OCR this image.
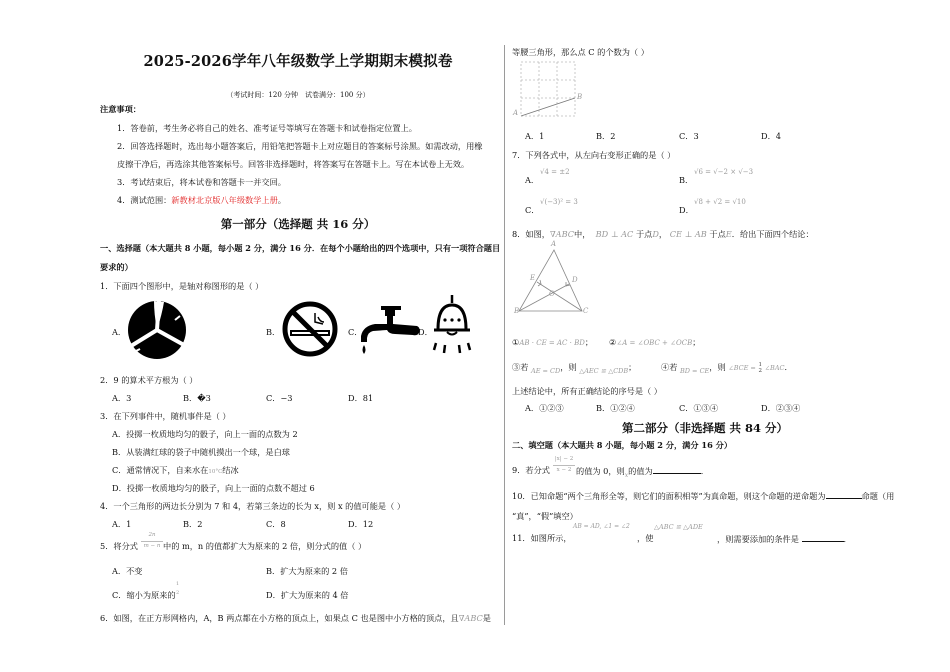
2025-2026学年八年级数学上学期期末模拟卷
（考试时间：120 分钟　试卷满分：100 分）
注意事项：
1．答卷前，考生务必将自己的姓名、准考证号等填写在答题卡和试卷指定位置上。
2．回答选择题时，选出每小题答案后，用铅笔把答题卡上对应题目的答案标号涂黑。如需改动，用橡
皮擦干净后，再选涂其他答案标号。回答非选择题时，将答案写在答题卡上。写在本试卷上无效。
3．考试结束后，将本试卷和答题卡一并交回。
4．测试范围：新教材北京版八年级数学上册。
第一部分（选择题 共 16 分）
一、选择题（本大题共 8 小题，每小题 2 分，满分 16 分．在每个小题给出的四个选项中，只有一项符合题目
要求的）
1．下面四个图形中，是轴对称图形的是（ ）
A．	B．	C．	D．
2．9 的算术平方根为（ ）
A．3	B．�3	C．−3	D．81
3．在下列事件中，随机事件是（ ）
A．投掷一枚质地均匀的骰子，向上一面的点数为 2
B．从装满红球的袋子中随机摸出一个球，是白球
C．通常情况下，自来水在10°C结冰
D．投掷一枚质地均匀的骰子，向上一面的点数不超过 6
4．一个三角形的两边长分别为 7 和 4，若第三条边的长为 x，则 x 的值可能是（ ）
A．1	B．2	C．8	D．12
5．将分式
2n
m − n 中的 m，n 的值都扩大为原来的 2 倍，则分式的值（ ）
A．不变	B．扩大为原来的 2 倍
C．缩小为原来的
1
2	D．扩大为原来的 4 倍
6．如图，在正方形网格内，A，B 两点都在小方格的顶点上，如果点 C 也是图中小方格的顶点，且∇ABC是
等腰三角形，那么点 C 的个数为（ ）
A
B
A．1	B．2	C．3	D．4
7．下列各式中，从左向右变形正确的是（ ）
A．
√4 = ±2
B．
√6 = √−2 × √−3
C．
√(−3)² = 3
D．
√8 + √2 = √10
8．如图，∇ABC中， BD ⊥ AC 于点D， CE ⊥ AB 于点E．给出下面四个结论：
A
B	C
D
E
O
①AB · CE = AC · BD； ②∠A = ∠OBC + ∠OCB；
③若 $_{AE = CD}$，则 $_{\triangle AEC ≌ \triangle CDB}$；	④若 $_{BD = CE}$，则 ∠BCE = 1
2 ∠BAC．
上述结论中，所有正确结论的序号是（ ）
A．①②③	B．①②④	C．①③④	D．②③④
第二部分（非选择题 共 84 分）
二、填空题（本大题共 8 小题，每小题 2 分，满分 16 分）
9．若分式
|x| − 2
x − 2 的值为 0，则$_x$的值为	．
10．已知命题“两个三角形全等，则它们的面积相等”为真命题，则这个命题的逆命题为	命题（用
“真”，“假”填空）
11．如图所示，
AB = AD, ∠1 = ∠2
，使
△ABC ≌ △ADE
，则需要添加的条件是	．
